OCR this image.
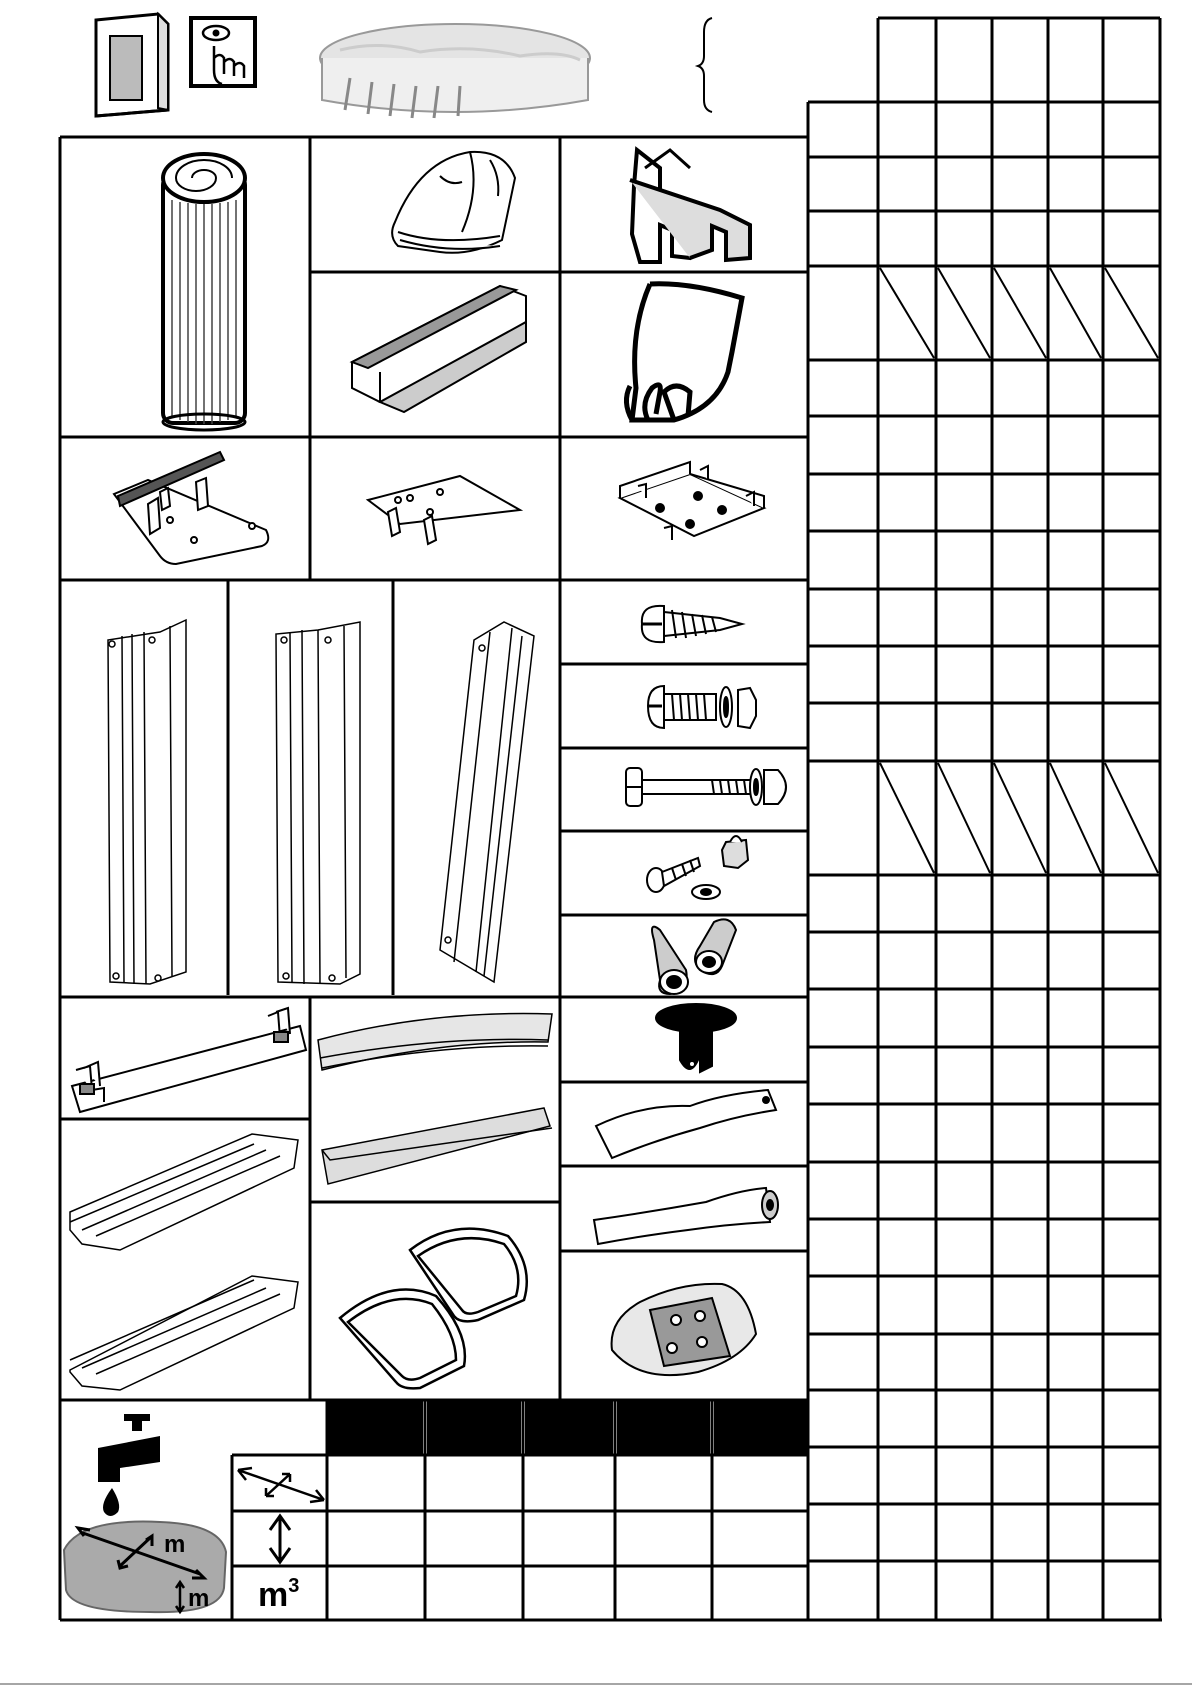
m
m $m^3$
